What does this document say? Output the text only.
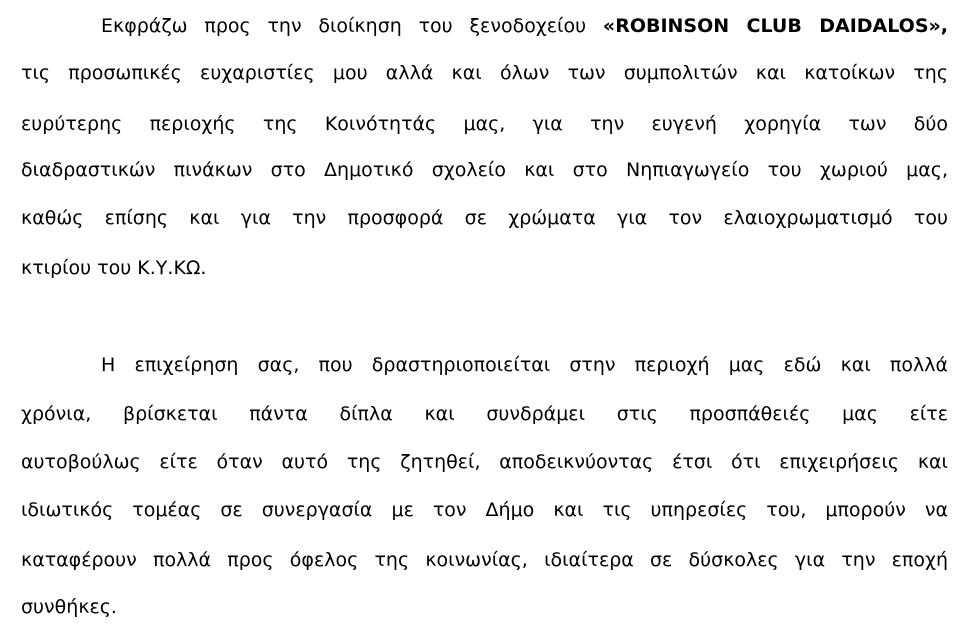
Εκφράζω προς την διοίκηση του ξενοδοχείου «ROBINSON CLUB DAIDALOS»,
τις προσωπικές ευχαριστίες μου αλλά και όλων των συμπολιτών και κατοίκων της
ευρύτερης περιοχής της Κοινότητάς μας, για την ευγενή χορηγία των δύο
διαδραστικών πινάκων στο Δημοτικό σχολείο και στο Νηπιαγωγείο του χωριού μας,
καθώς επίσης και για την προσφορά σε χρώματα για τον ελαιοχρωματισμό του
κτιρίου του Κ.Υ.ΚΩ.
Η επιχείρηση σας, που δραστηριοποιείται στην περιοχή μας εδώ και πολλά
χρόνια, βρίσκεται πάντα δίπλα και συνδράμει στις προσπάθειές μας είτε
αυτοβούλως είτε όταν αυτό της ζητηθεί, αποδεικνύοντας έτσι ότι επιχειρήσεις και
ιδιωτικός τομέας σε συνεργασία με τον Δήμο και τις υπηρεσίες του, μπορούν να
καταφέρουν πολλά προς όφελος της κοινωνίας, ιδιαίτερα σε δύσκολες για την εποχή
συνθήκες.
